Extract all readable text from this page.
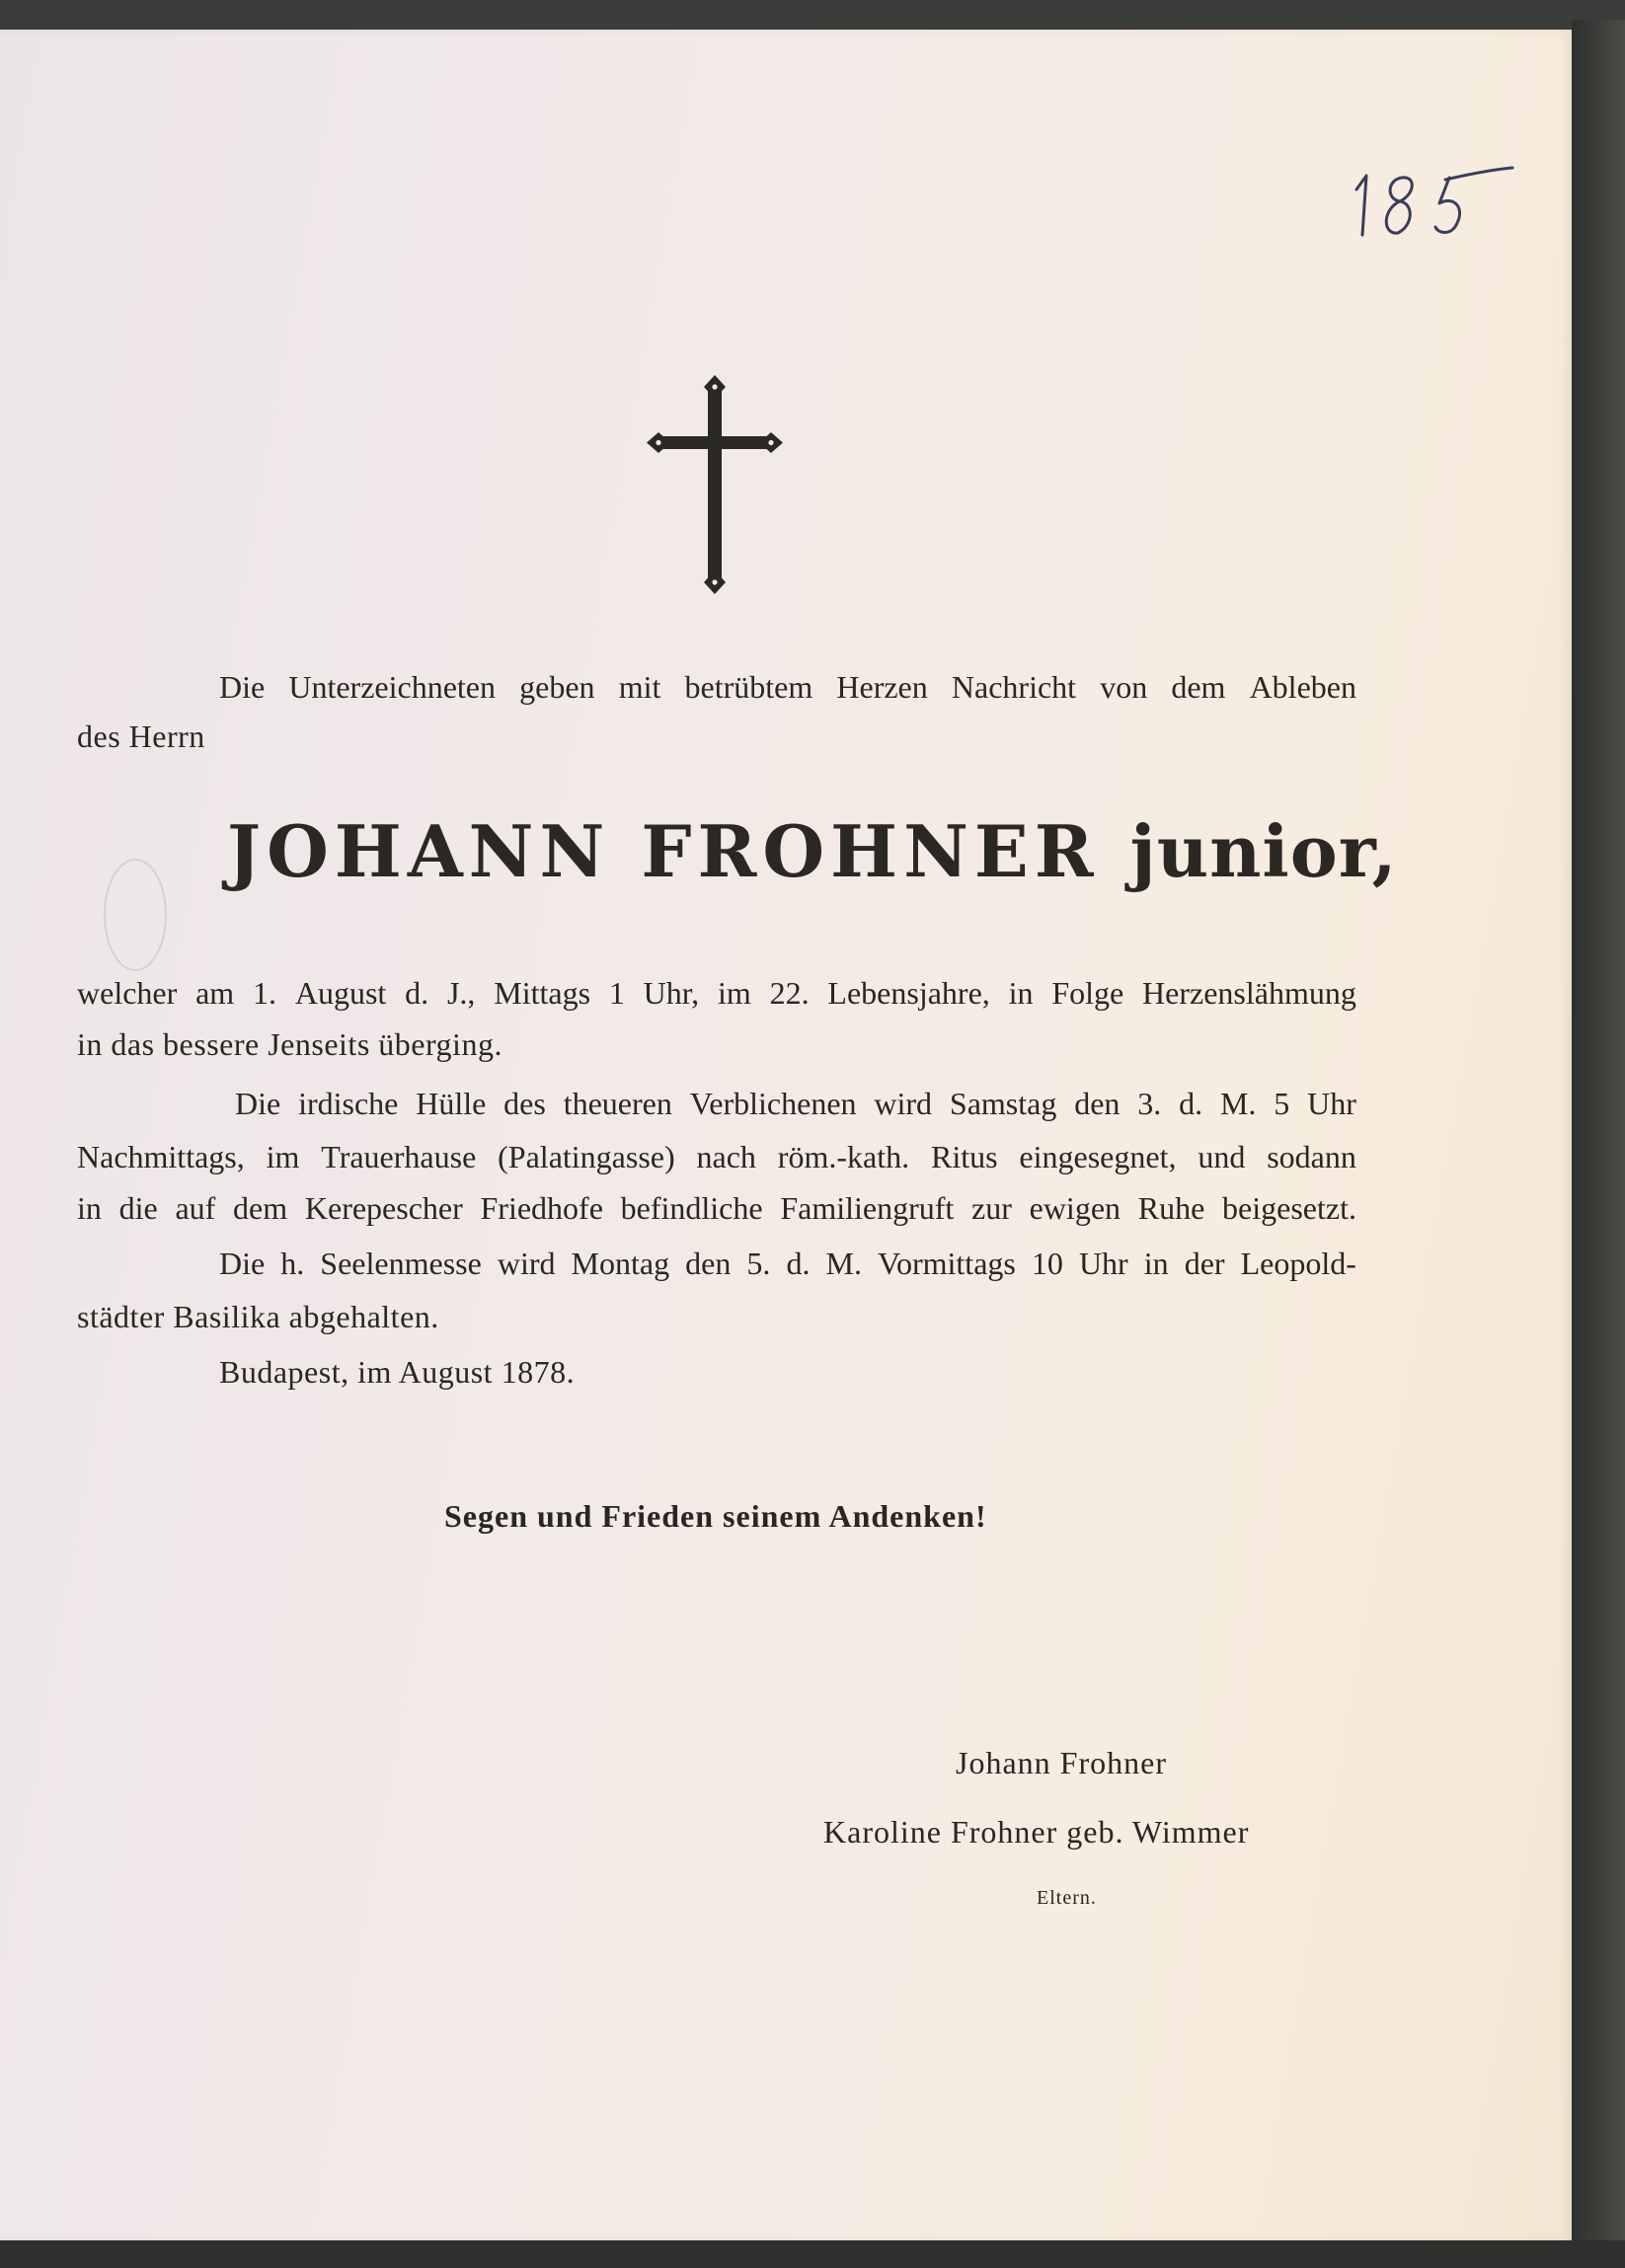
Die Unterzeichneten geben mit betrübtem Herzen Nachricht von dem Ableben
des Herrn
JOHANN FROHNER junior,
welcher am 1. August d. J., Mittags 1 Uhr, im 22. Lebensjahre, in Folge Herzenslähmung
in das bessere Jenseits überging.
Die irdische Hülle des theueren Verblichenen wird Samstag den 3. d. M. 5 Uhr
Nachmittags, im Trauerhause (Palatingasse) nach röm.-kath. Ritus eingesegnet, und sodann
in die auf dem Kerepescher Friedhofe befindliche Familiengruft zur ewigen Ruhe beigesetzt.
Die h. Seelenmesse wird Montag den 5. d. M. Vormittags 10 Uhr in der Leopold-
städter Basilika abgehalten.
Budapest, im August 1878.
Segen und Frieden seinem Andenken!
Johann Frohner
Karoline Frohner geb. Wimmer
Eltern.
